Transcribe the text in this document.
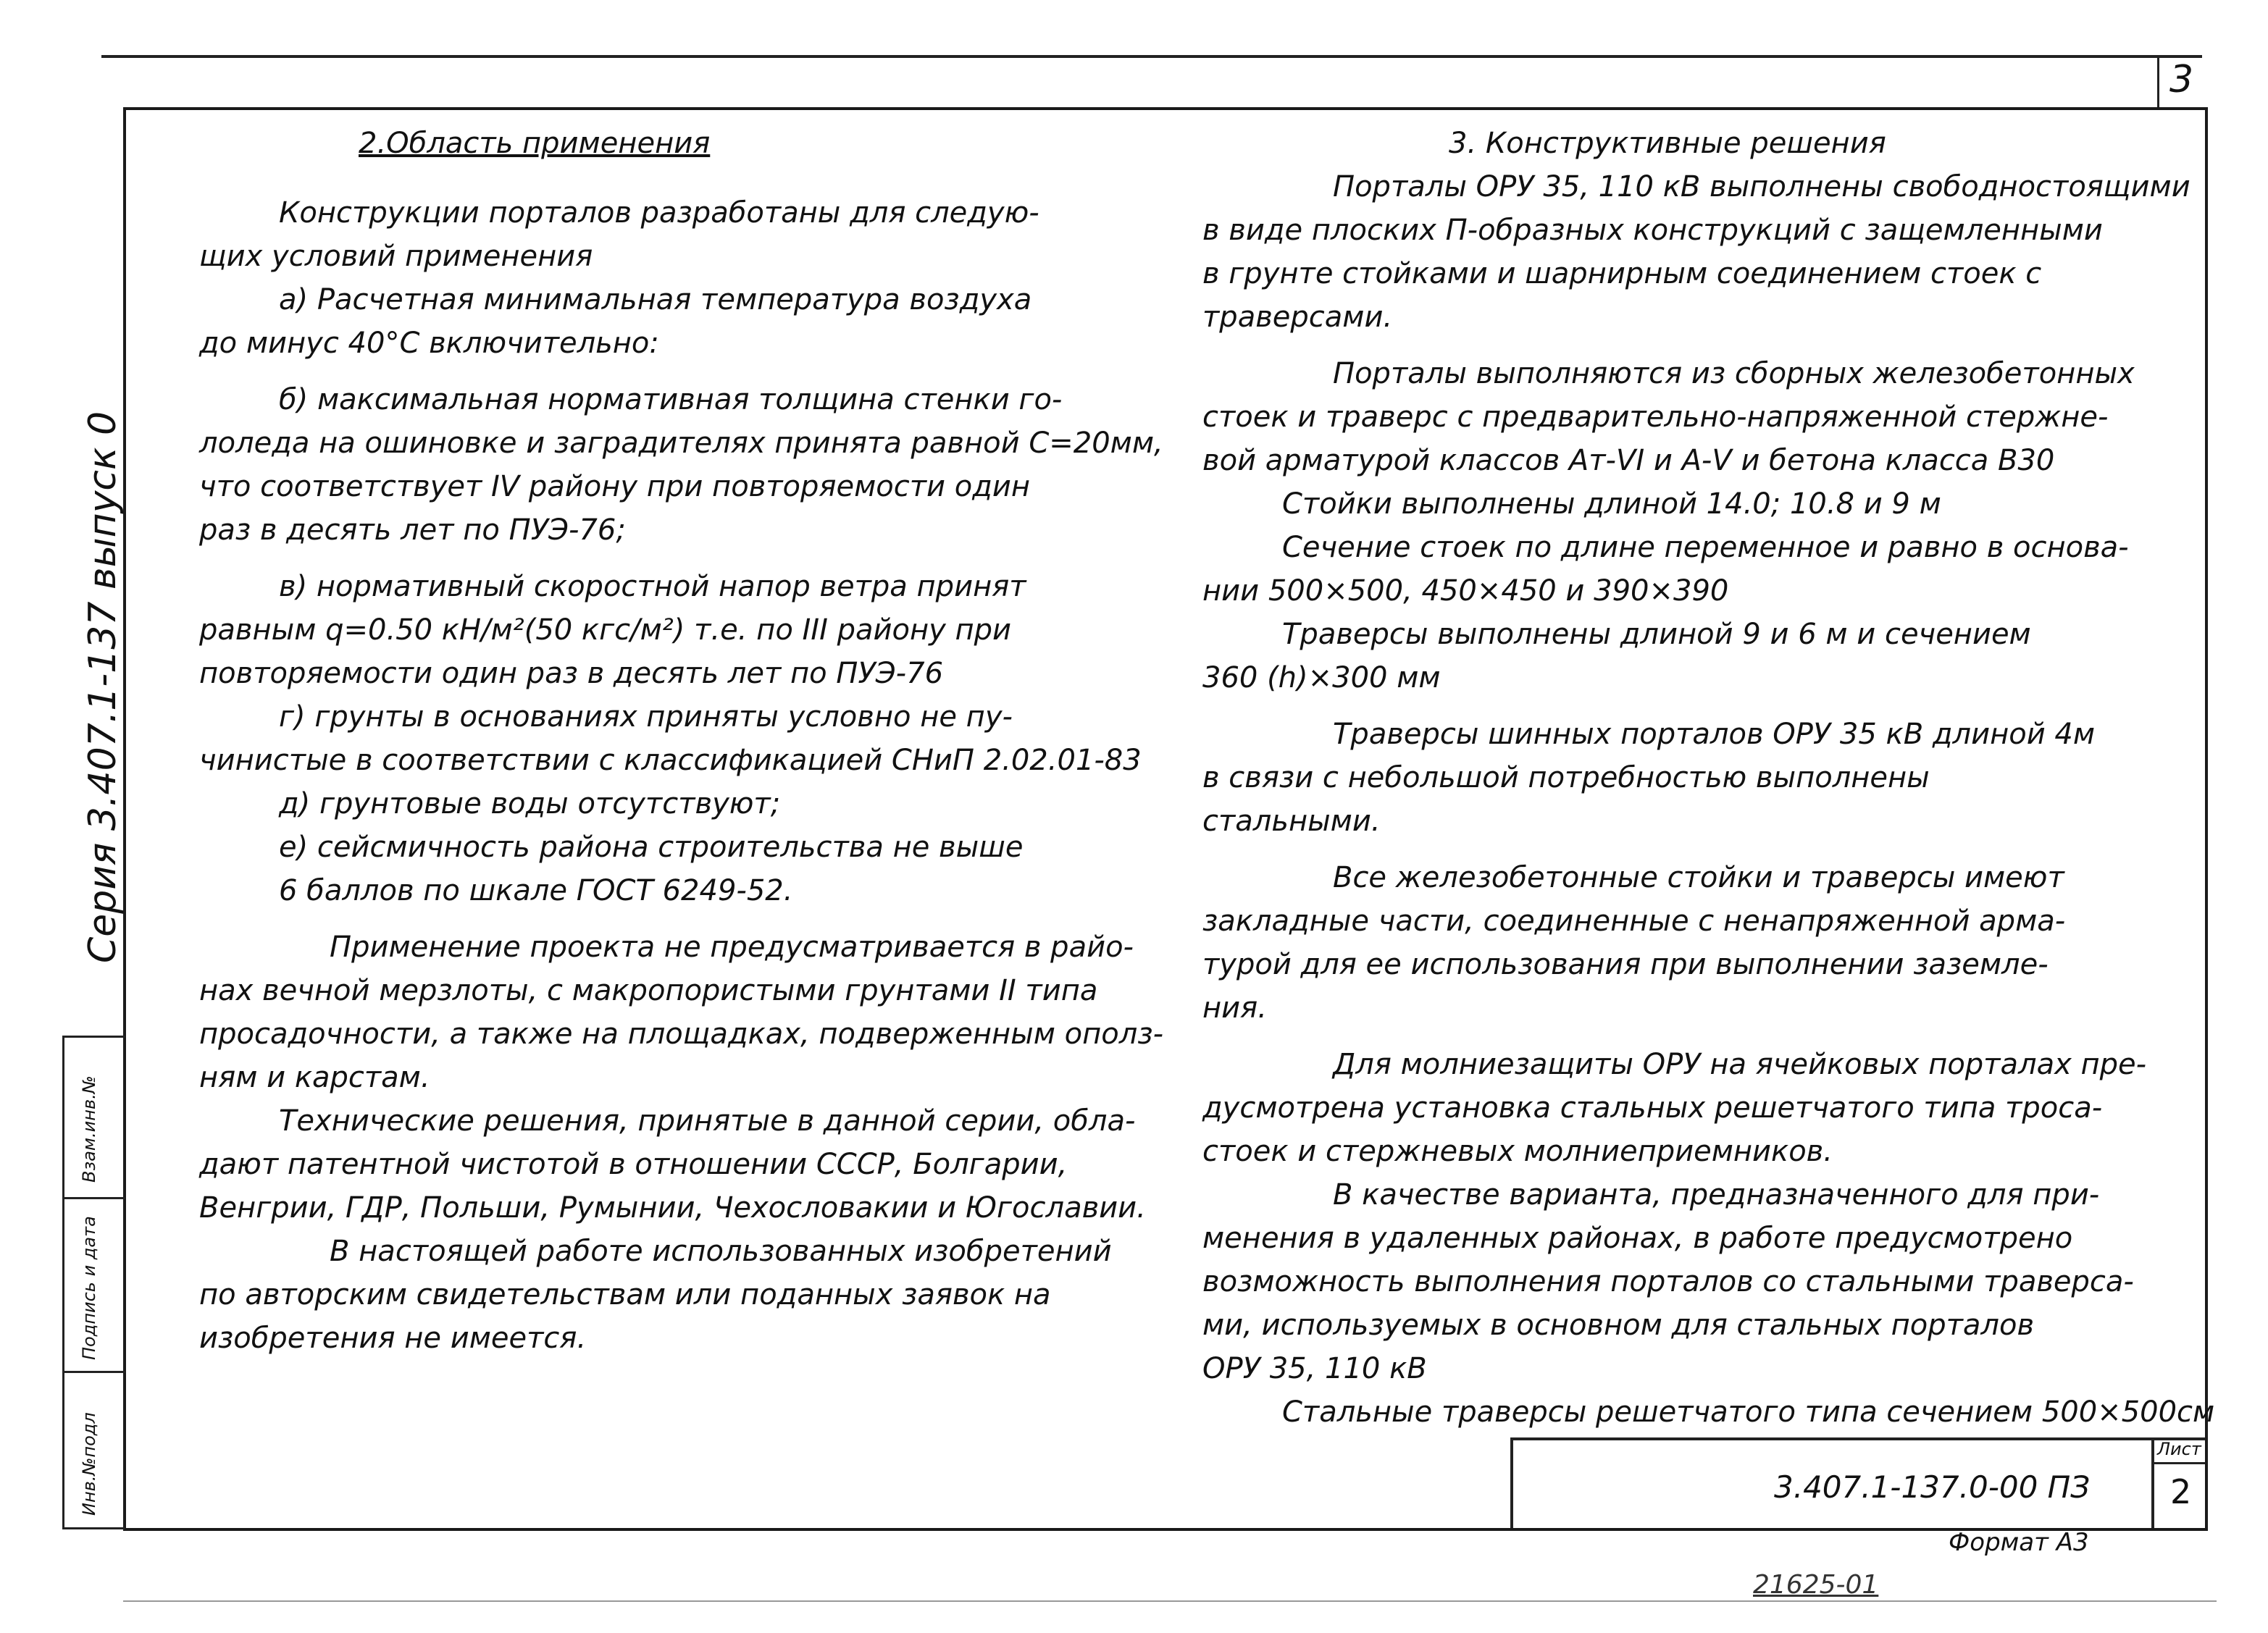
3
Серия 3.407.1-137 выпуск 0
Взам.инв.№
Подпись и дата
Инв.№подл
2.Область применения
Конструкции порталов разработаны для следую-
щих условий применения
а) Расчетная минимальная температура воздуха
до минус 40°С включительно:
б) максимальная нормативная толщина стенки го-
лоледа на ошиновке и заградителях принята равной С=20мм,
что соответствует IV району при повторяемости один
раз в десять лет по ПУЭ-76;
в) нормативный скоростной напор ветра принят
равным q=0.50 кН/м²(50 кгс/м²) т.е. по III району при
повторяемости один раз в десять лет по ПУЭ-76
г) грунты в основаниях приняты условно не пу-
чинистые в соответствии с классификацией СНиП 2.02.01-83
д) грунтовые воды отсутствуют;
е) сейсмичность района строительства не выше
6 баллов по шкале ГОСТ 6249-52.
Применение проекта не предусматривается в райо-
нах вечной мерзлоты, с макропористыми грунтами II типа
просадочности, а также на площадках, подверженным ополз-
ням и карстам.
Технические решения, принятые в данной серии, обла-
дают патентной чистотой в отношении СССР, Болгарии,
Венгрии, ГДР, Польши, Румынии, Чехословакии и Югославии.
В настоящей работе использованных изобретений
по авторским свидетельствам или поданных заявок на
изобретения не имеется.
3. Конструктивные решения
Порталы ОРУ 35, 110 кВ выполнены свободностоящими
в виде плоских П-образных конструкций с защемленными
в грунте стойками и шарнирным соединением стоек с
траверсами.
Порталы выполняются из сборных железобетонных
стоек и траверс с предварительно-напряженной стержне-
вой арматурой классов Ат-VI и А-V и бетона класса В30
Стойки выполнены длиной 14.0; 10.8 и 9 м
Сечение стоек по длине переменное и равно в основа-
нии 500×500, 450×450 и 390×390
Траверсы выполнены длиной 9 и 6 м и сечением
360 (h)×300 мм
Траверсы шинных порталов ОРУ 35 кВ длиной 4м
в связи с небольшой потребностью выполнены
стальными.
Все железобетонные стойки и траверсы имеют
закладные части, соединенные с ненапряженной арма-
турой для ее использования при выполнении заземле-
ния.
Для молниезащиты ОРУ на ячейковых порталах пре-
дусмотрена установка стальных решетчатого типа троса-
стоек и стержневых молниеприемников.
В качестве варианта, предназначенного для при-
менения в удаленных районах, в работе предусмотрено
возможность выполнения порталов со стальными траверса-
ми, используемых в основном для стальных порталов
ОРУ 35, 110 кВ
Стальные траверсы решетчатого типа сечением 500×500см
3.407.1-137.0-00 ПЗ
Лист
2
Формат А3
21625-01
